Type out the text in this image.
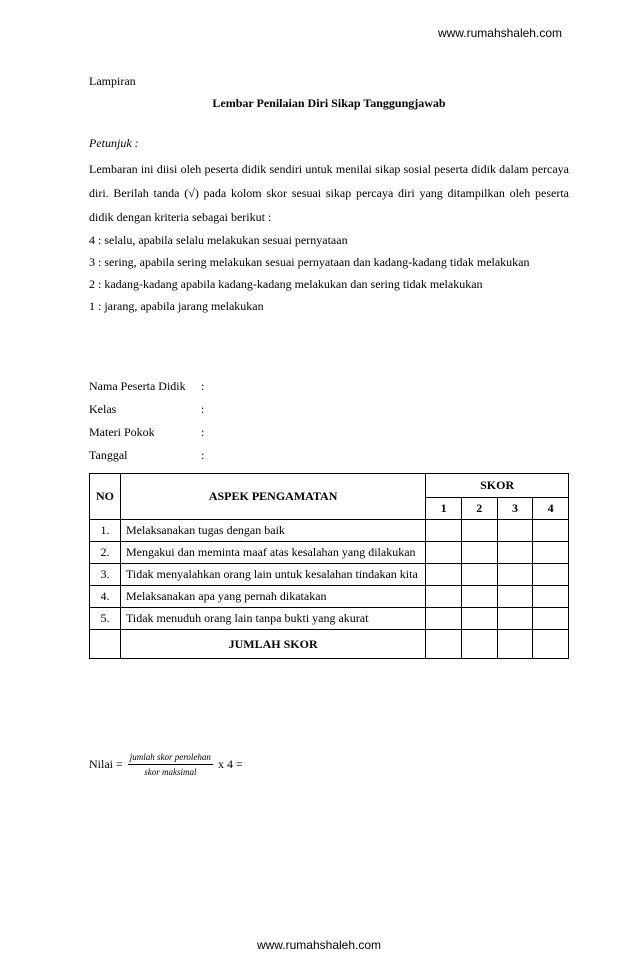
www.rumahshaleh.com

Lampiran

Lembar Penilaian Diri Sikap Tanggungjawab

Petunjuk :

Lembaran ini diisi oleh peserta didik sendiri untuk menilai sikap sosial peserta didik dalam percaya diri. Berilah tanda (√) pada kolom skor sesuai sikap percaya diri yang ditampilkan oleh peserta didik dengan kriteria sebagai berikut :

4 : selalu, apabila selalu melakukan sesuai pernyataan

3 : sering, apabila sering melakukan sesuai pernyataan dan kadang-kadang tidak melakukan

2 : kadang-kadang apabila kadang-kadang melakukan dan sering tidak melakukan

1 : jarang, apabila jarang melakukan

Nama Peserta Didik	:
Kelas	:
Materi Pokok	:
Tanggal	:
NO	ASPEK PENGAMATAN	SKOR			
		1	2	3	4
1.	Melaksanakan tugas dengan baik				
2.	Mengakui dan meminta maaf atas kesalahan yang dilakukan				
3.	Tidak menyalahkan orang lain untuk kesalahan tindakan kita				
4.	Melaksanakan apa yang pernah dikatakan				
5.	Tidak menuduh orang lain tanpa bukti yang akurat				
	JUMLAH SKOR				
Nilai = $\frac{\text{jumlah skor perolehan}}{\text{skor maksimal}}$ x 4 =
www.rumahshaleh.com
